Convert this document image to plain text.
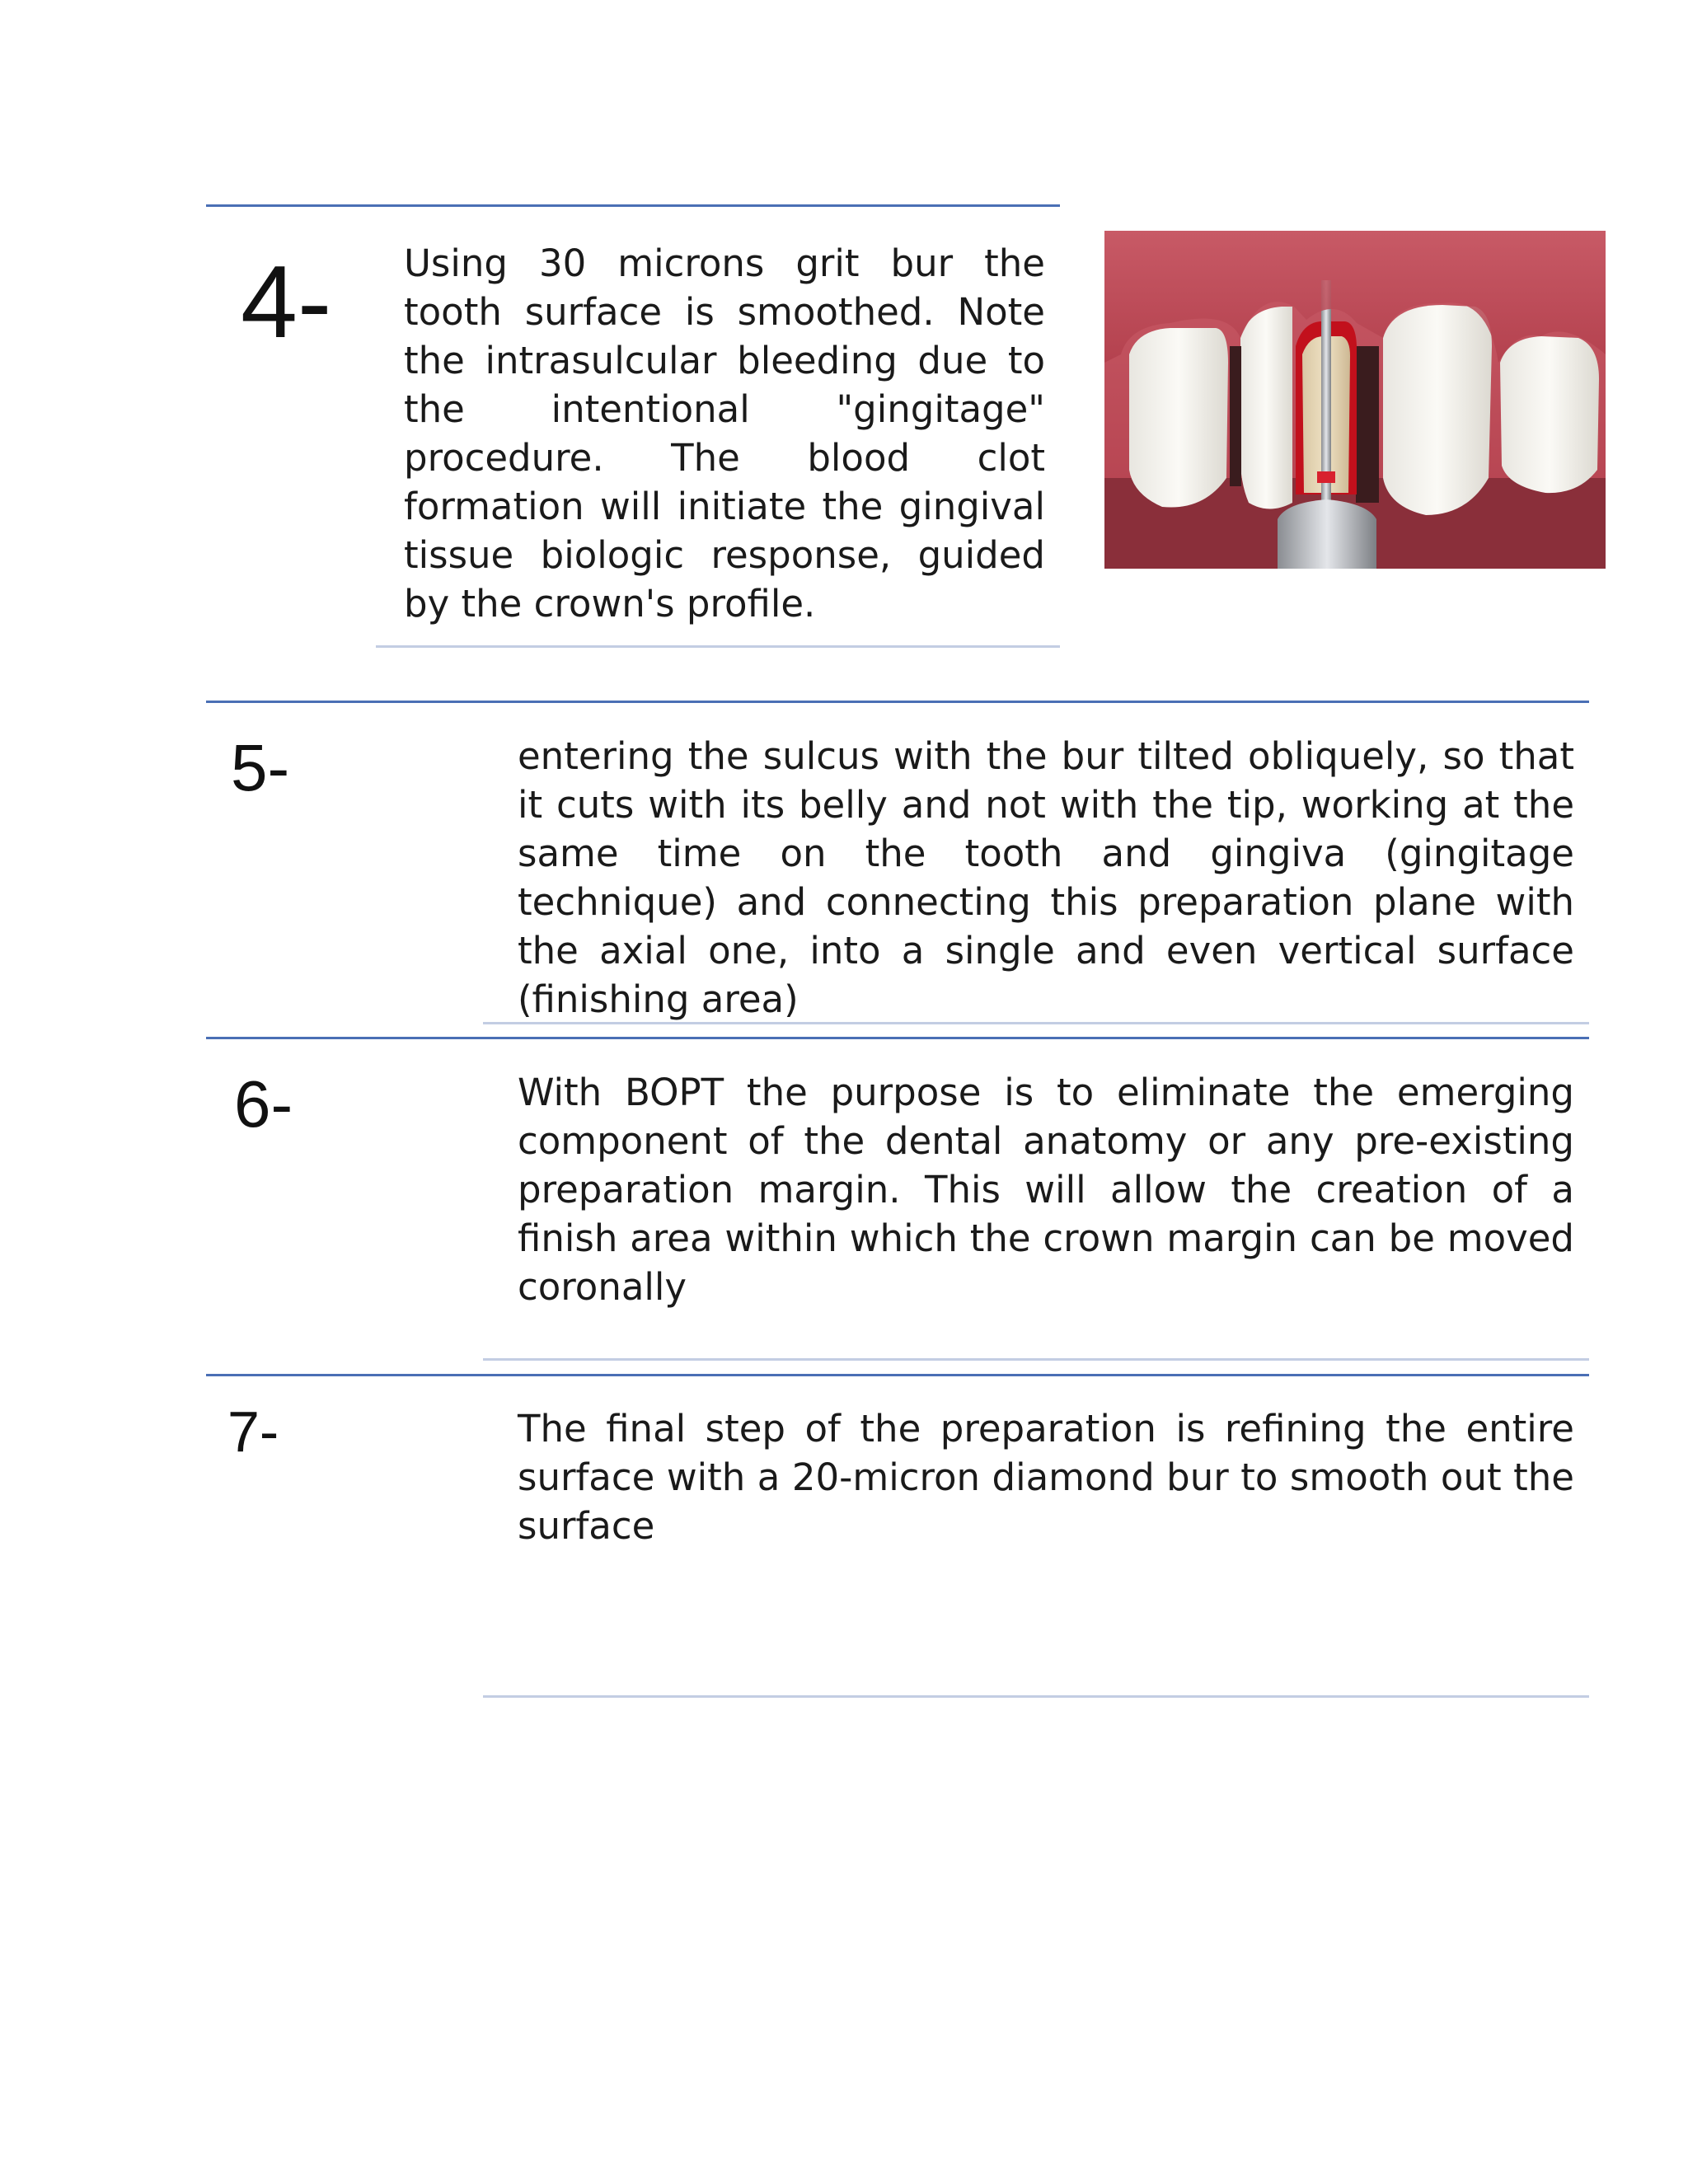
4- Using 30 microns grit bur the tooth surface is smoothed. Note the intrasulcular bleeding due to the intentional "gingitage" procedure. The blood clot formation will initiate the gingival tissue biologic response, guided by the crown's profile.
5-	entering the sulcus with the bur tilted obliquely, so that it cuts with its belly and not with the tip, working at the same time on the tooth and gingiva (gingitage technique) and connecting this preparation plane with the axial one, into a single and even vertical surface (finishing area)
6-	With BOPT the purpose is to eliminate the emerging component of the dental anatomy or any pre-existing preparation margin. This will allow the creation of a finish area within which the crown margin can be moved coronally
7-	The final step of the preparation is refining the entire surface with a 20-micron diamond bur to smooth out the surface
